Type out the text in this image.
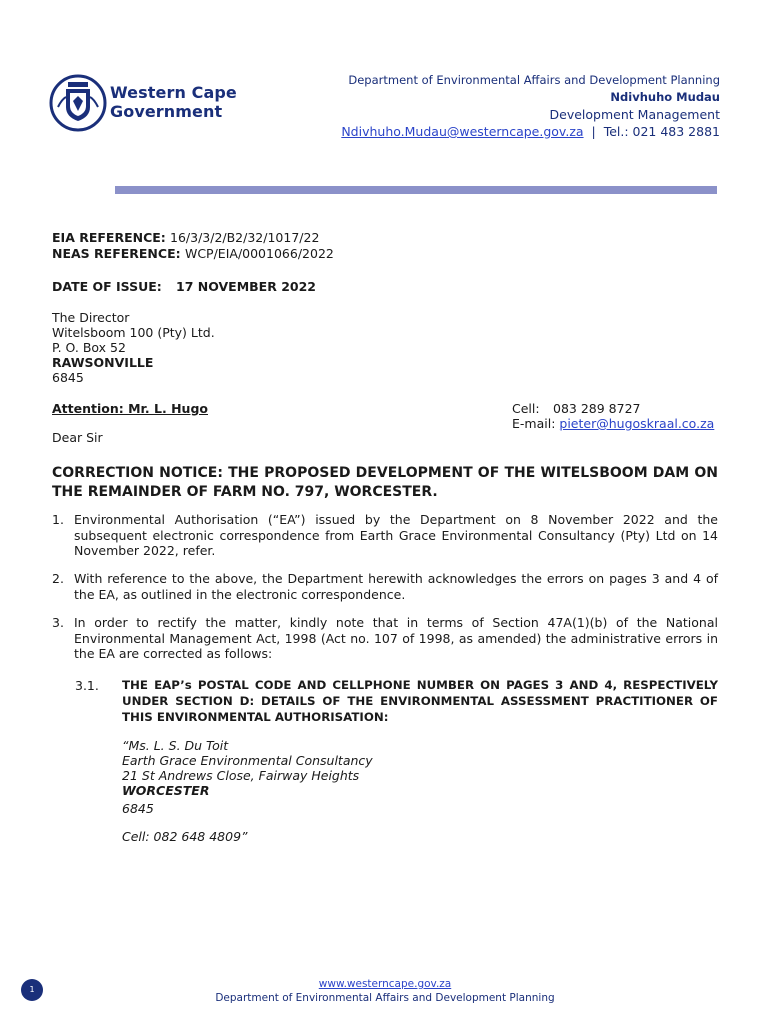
Western Cape
Government
Department of Environmental Affairs and Development Planning
Ndivhuho Mudau
Development Management
Ndivhuho.Mudau@westerncape.gov.za | Tel.: 021 483 2881
EIA REFERENCE: 16/3/3/2/B2/32/1017/22
NEAS REFERENCE: WCP/EIA/0001066/2022
DATE OF ISSUE: 17 NOVEMBER 2022
The Director
Witelsboom 100 (Pty) Ltd.
P. O. Box 52
RAWSONVILLE
6845
Attention: Mr. L. Hugo	Cell: 083 289 8727
E-mail: pieter@hugoskraal.co.za
Dear Sir
CORRECTION NOTICE: THE PROPOSED DEVELOPMENT OF THE WITELSBOOM DAM ON THE REMAINDER OF FARM NO. 797, WORCESTER.
1. Environmental Authorisation (“EA”) issued by the Department on 8 November 2022 and the subsequent electronic correspondence from Earth Grace Environmental Consultancy (Pty) Ltd on 14 November 2022, refer.
2. With reference to the above, the Department herewith acknowledges the errors on pages 3 and 4 of the EA, as outlined in the electronic correspondence.
3. In order to rectify the matter, kindly note that in terms of Section 47A(1)(b) of the National Environmental Management Act, 1998 (Act no. 107 of 1998, as amended) the administrative errors in the EA are corrected as follows:
3.1. THE EAP’s POSTAL CODE AND CELLPHONE NUMBER ON PAGES 3 AND 4, RESPECTIVELY UNDER SECTION D: DETAILS OF THE ENVIRONMENTAL ASSESSMENT PRACTITIONER OF THIS ENVIRONMENTAL AUTHORISATION:
“Ms. L. S. Du Toit
Earth Grace Environmental Consultancy
21 St Andrews Close, Fairway Heights
WORCESTER
6845
Cell: 082 648 4809”
1	www.westerncape.gov.za
Department of Environmental Affairs and Development Planning
